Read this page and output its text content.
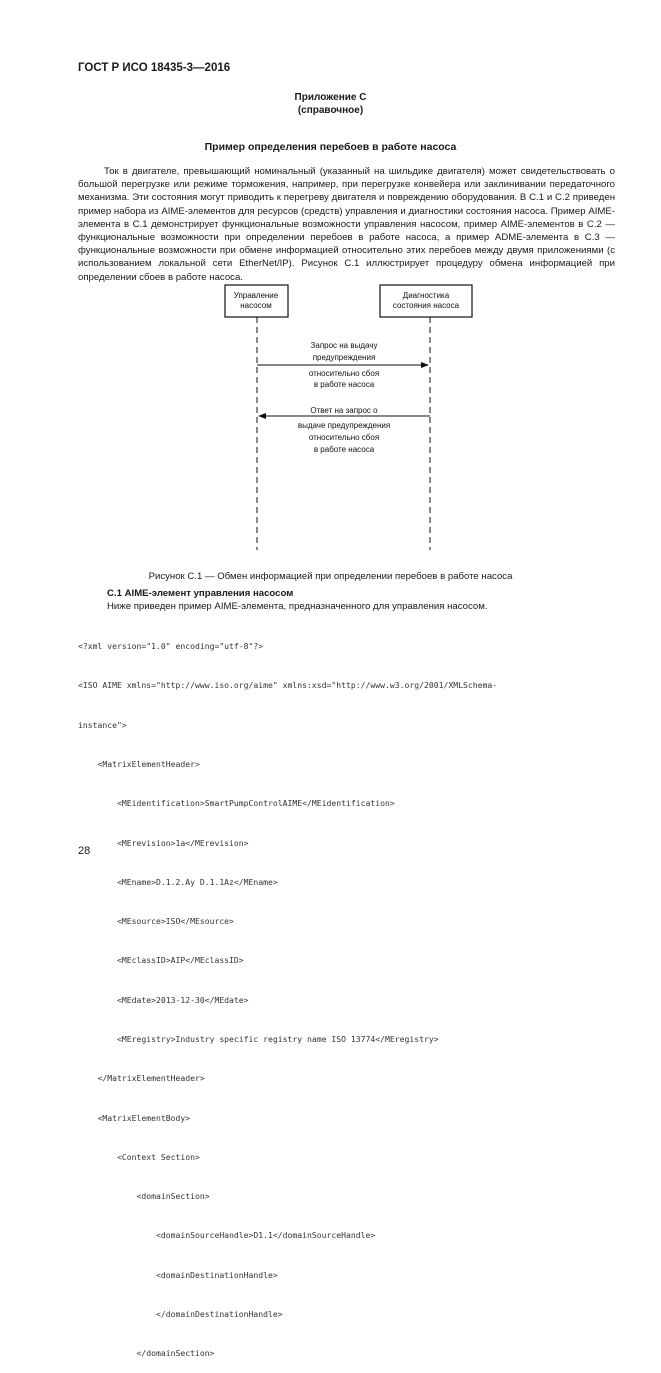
ГОСТ Р ИСО 18435-3—2016
Приложение С
(справочное)
Пример определения перебоев в работе насоса

Ток в двигателе, превышающий номинальный (указанный на шильдике двигателя) может свидетельствовать о большой перегрузке или режиме торможения, например, при перегрузке конвейера или заклинивании передаточного механизма. Эти состояния могут приводить к перегреву двигателя и повреждению оборудования. В С.1 и С.2 приведен пример набора из AIME-элементов для ресурсов (средств) управления и диагностики состояния насоса. Пример AIME-элемента в С.1 демонстрирует функциональные возможности управления насосом, пример AIME-элементов в С.2 — функциональные возможности при определении перебоев в работе насоса, а пример ADME-элемента в С.3 — функциональные возможности при обмене информацией относительно этих перебоев между двумя приложениями (с использованием локальной сети EtherNet/IP). Рисунок С.1 иллюстрирует процедуру обмена информацией при определении сбоев в работе насоса.

Управление
насосом
Диагностика
состояния насоса
Запрос на выдачу
предупреждения
относительно сбоя
в работе насоса
Ответ на запрос о
выдаче предупреждения
относительно сбоя
в работе насоса
Рисунок С.1 — Обмен информацией при определении перебоев в работе насоса
С.1 AIME-элемент управления насосом
Ниже приведен пример AIME-элемента, предназначенного для управления насосом.

<?xml version="1.0" encoding="utf-8"?>

<ISO AIME xmlns="http://www.iso.org/aime" xmlns:xsd="http://www.w3.org/2001/XMLSchema-

instance">

<MatrixElementHeader>

<MEidentification>SmartPumpControlAIME</MEidentification>

<MErevision>1a</MErevision>

<MEname>D.1.2.Ay D.1.1Az</MEname>

<MEsource>ISO</MEsource>

<MEclassID>AIP</MEclassID>

<MEdate>2013-12-30</MEdate>

<MEregistry>Industry specific registry name ISO 13774</MEregistry>

</MatrixElementHeader>

<MatrixElementBody>

<Context Section>

<domainSection>

<domainSourceHandle>D1.1</domainSourceHandle>

<domainDestinationHandle>

</domainDestinationHandle>

</domainSection>

28
